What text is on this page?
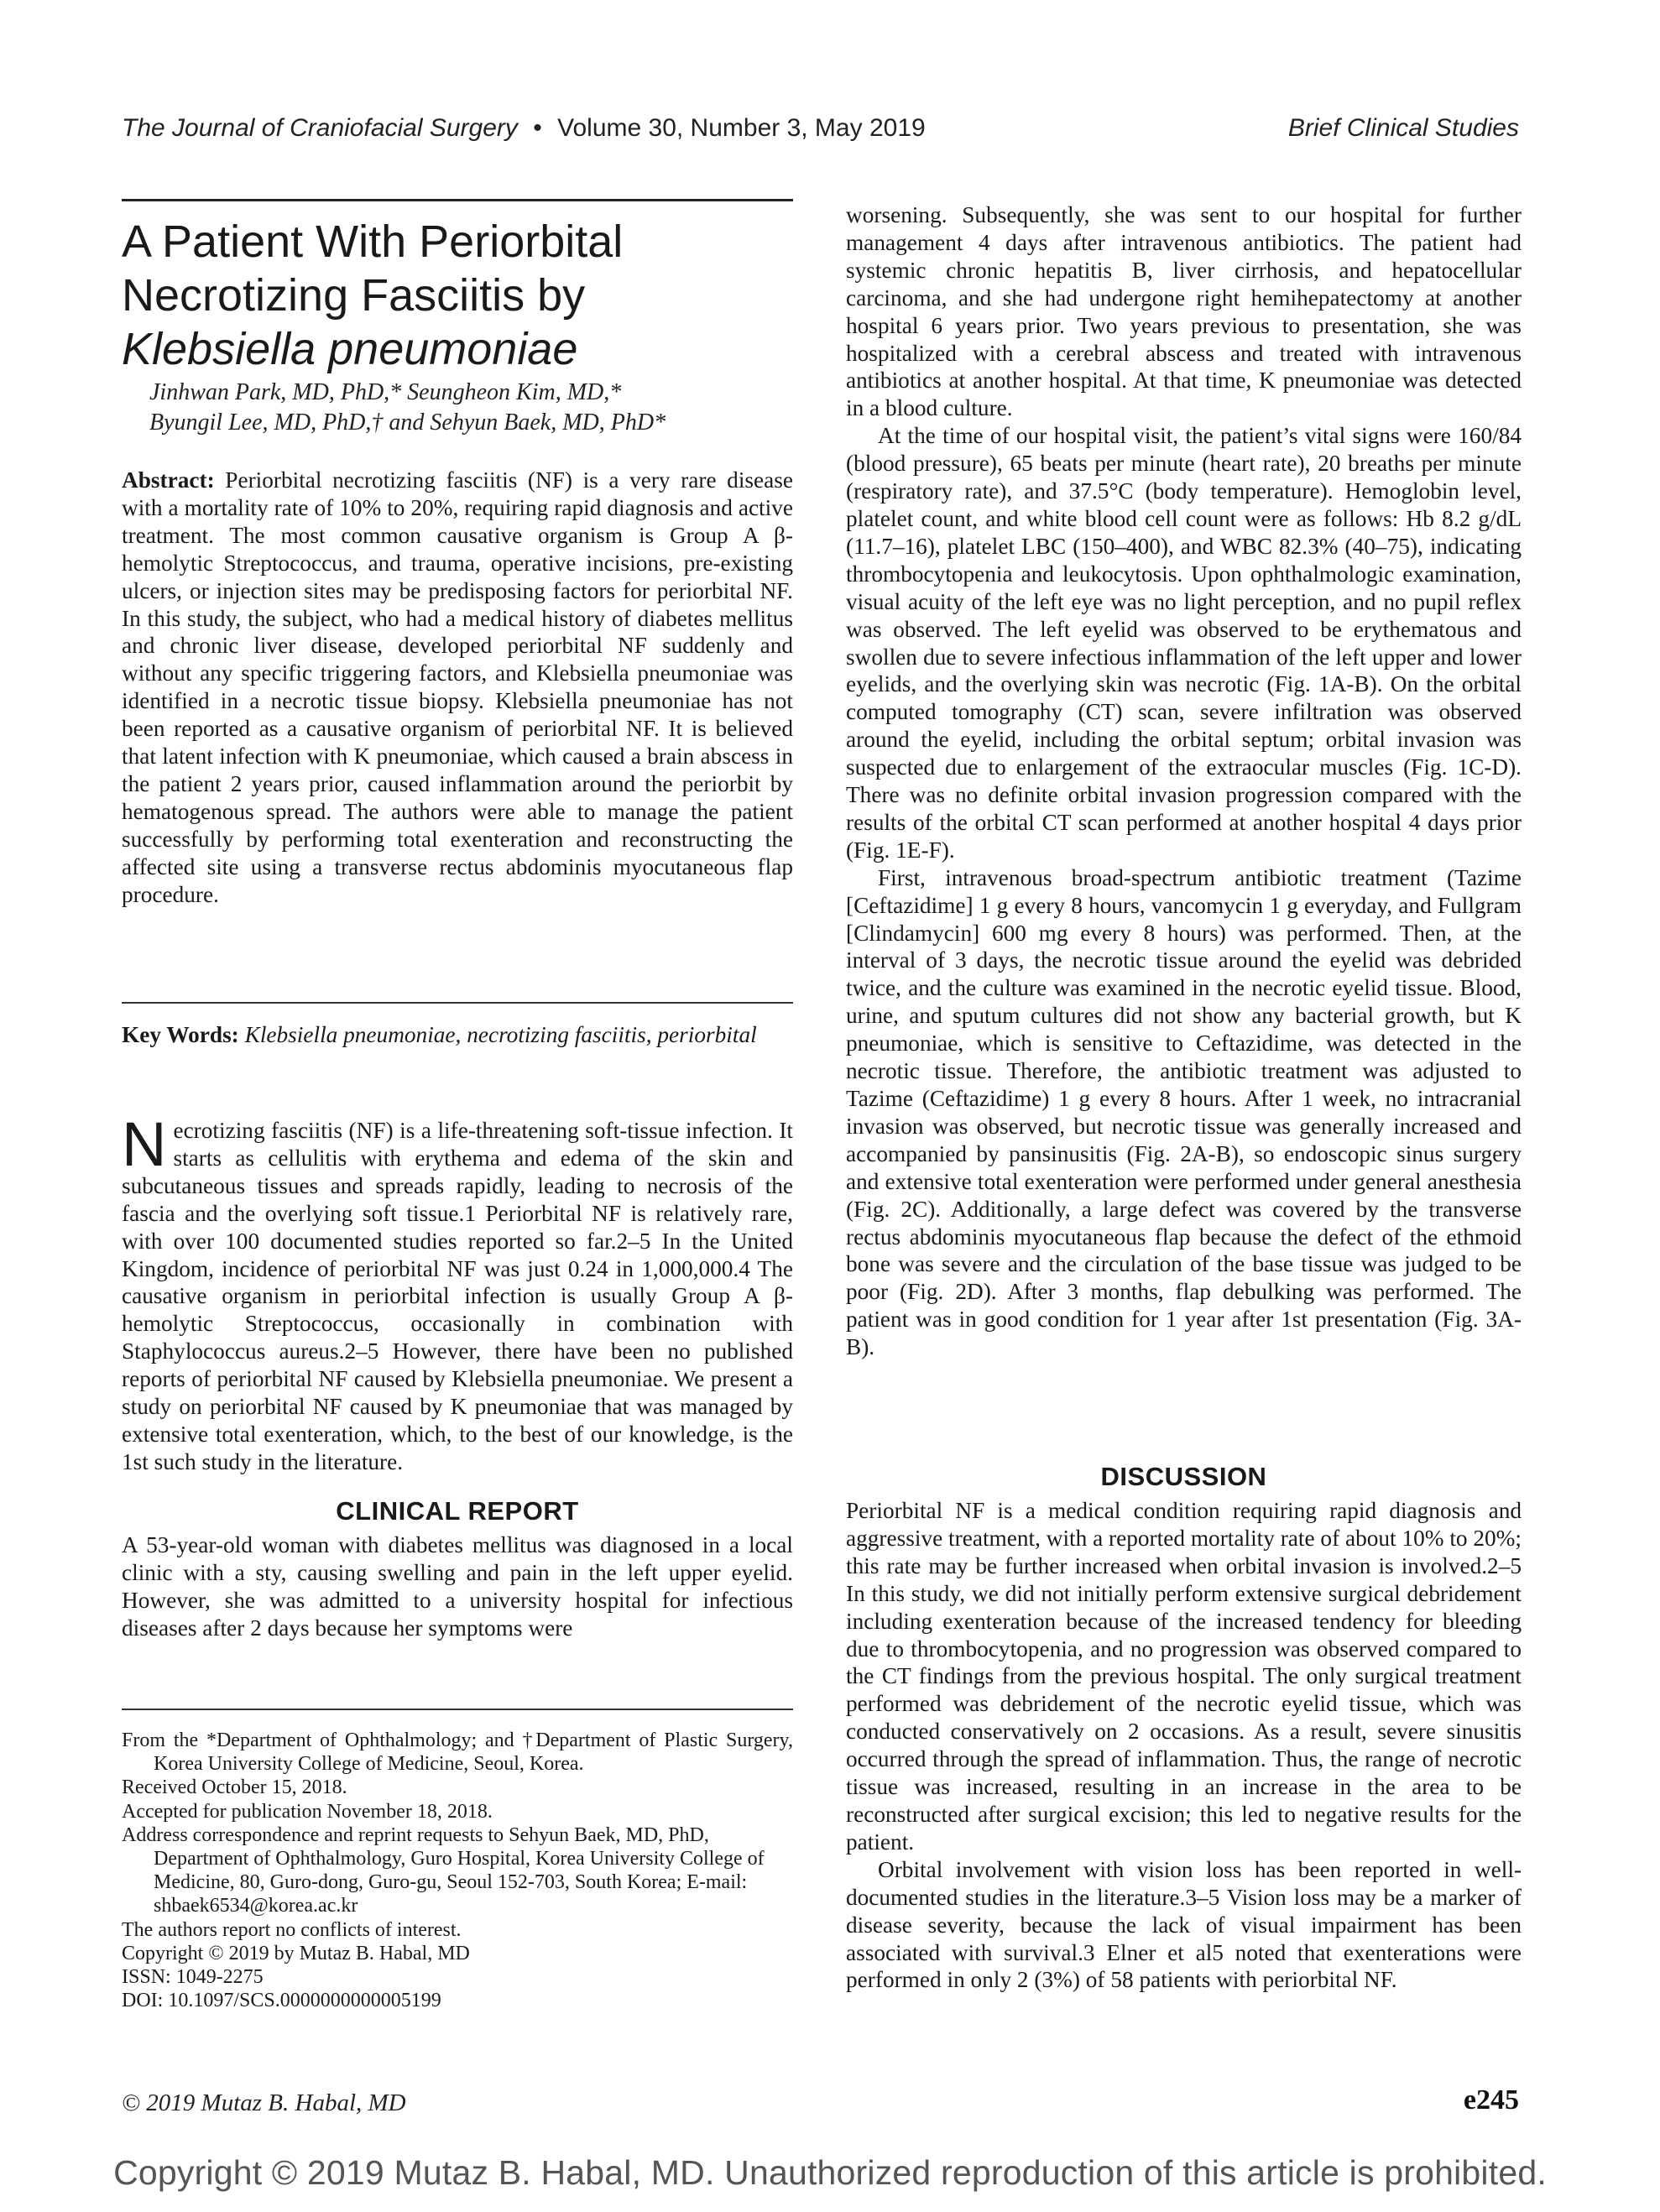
The Journal of Craniofacial Surgery • Volume 30, Number 3, May 2019	Brief Clinical Studies
A Patient With Periorbital
Necrotizing Fasciitis by
Klebsiella pneumoniae
Jinhwan Park, MD, PhD,* Seungheon Kim, MD,*
Byungil Lee, MD, PhD,† and Sehyun Baek, MD, PhD*

Abstract: Periorbital necrotizing fasciitis (NF) is a very rare disease with a mortality rate of 10% to 20%, requiring rapid diagnosis and active treatment. The most common causative organism is Group A β-hemolytic Streptococcus, and trauma, operative incisions, pre-existing ulcers, or injection sites may be predisposing factors for periorbital NF. In this study, the subject, who had a medical history of diabetes mellitus and chronic liver disease, developed periorbital NF suddenly and without any specific triggering factors, and Klebsiella pneumoniae was identified in a necrotic tissue biopsy. Klebsiella pneumoniae has not been reported as a causative organism of periorbital NF. It is believed that latent infection with K pneumoniae, which caused a brain abscess in the patient 2 years prior, caused inflammation around the periorbit by hematogenous spread. The authors were able to manage the patient successfully by performing total exenteration and reconstructing the affected site using a transverse rectus abdominis myocutaneous flap procedure.

Key Words: Klebsiella pneumoniae, necrotizing fasciitis, periorbital

Necrotizing fasciitis (NF) is a life-threatening soft-tissue infection. It starts as cellulitis with erythema and edema of the skin and subcutaneous tissues and spreads rapidly, leading to necrosis of the fascia and the overlying soft tissue.1 Periorbital NF is relatively rare, with over 100 documented studies reported so far.2–5 In the United Kingdom, incidence of periorbital NF was just 0.24 in 1,000,000.4 The causative organism in periorbital infection is usually Group A β-hemolytic Streptococcus, occasionally in combination with Staphylococcus aureus.2–5 However, there have been no published reports of periorbital NF caused by Klebsiella pneumoniae. We present a study on periorbital NF caused by K pneumoniae that was managed by extensive total exenteration, which, to the best of our knowledge, is the 1st such study in the literature.

CLINICAL REPORT

A 53-year-old woman with diabetes mellitus was diagnosed in a local clinic with a sty, causing swelling and pain in the left upper eyelid. However, she was admitted to a university hospital for infectious diseases after 2 days because her symptoms were

From the *Department of Ophthalmology; and †Department of Plastic Surgery, Korea University College of Medicine, Seoul, Korea.

Received October 15, 2018.

Accepted for publication November 18, 2018.

Address correspondence and reprint requests to Sehyun Baek, MD, PhD, Department of Ophthalmology, Guro Hospital, Korea University College of Medicine, 80, Guro-dong, Guro-gu, Seoul 152-703, South Korea; E-mail: shbaek6534@korea.ac.kr

The authors report no conflicts of interest.

Copyright © 2019 by Mutaz B. Habal, MD

ISSN: 1049-2275

DOI: 10.1097/SCS.0000000000005199

worsening. Subsequently, she was sent to our hospital for further management 4 days after intravenous antibiotics. The patient had systemic chronic hepatitis B, liver cirrhosis, and hepatocellular carcinoma, and she had undergone right hemihepatectomy at another hospital 6 years prior. Two years previous to presentation, she was hospitalized with a cerebral abscess and treated with intravenous antibiotics at another hospital. At that time, K pneumoniae was detected in a blood culture.

At the time of our hospital visit, the patient’s vital signs were 160/84 (blood pressure), 65 beats per minute (heart rate), 20 breaths per minute (respiratory rate), and 37.5°C (body temperature). Hemoglobin level, platelet count, and white blood cell count were as follows: Hb 8.2 g/dL (11.7–16), platelet LBC (150–400), and WBC 82.3% (40–75), indicating thrombocytopenia and leukocytosis. Upon ophthalmologic examination, visual acuity of the left eye was no light perception, and no pupil reflex was observed. The left eyelid was observed to be erythematous and swollen due to severe infectious inflammation of the left upper and lower eyelids, and the overlying skin was necrotic (Fig. 1A-B). On the orbital computed tomography (CT) scan, severe infiltration was observed around the eyelid, including the orbital septum; orbital invasion was suspected due to enlargement of the extraocular muscles (Fig. 1C-D). There was no definite orbital invasion progression compared with the results of the orbital CT scan performed at another hospital 4 days prior (Fig. 1E-F).

First, intravenous broad-spectrum antibiotic treatment (Tazime [Ceftazidime] 1 g every 8 hours, vancomycin 1 g everyday, and Fullgram [Clindamycin] 600 mg every 8 hours) was performed. Then, at the interval of 3 days, the necrotic tissue around the eyelid was debrided twice, and the culture was examined in the necrotic eyelid tissue. Blood, urine, and sputum cultures did not show any bacterial growth, but K pneumoniae, which is sensitive to Ceftazidime, was detected in the necrotic tissue. Therefore, the antibiotic treatment was adjusted to Tazime (Ceftazidime) 1 g every 8 hours. After 1 week, no intracranial invasion was observed, but necrotic tissue was generally increased and accompanied by pansinusitis (Fig. 2A-B), so endoscopic sinus surgery and extensive total exenteration were performed under general anesthesia (Fig. 2C). Additionally, a large defect was covered by the transverse rectus abdominis myocutaneous flap because the defect of the ethmoid bone was severe and the circulation of the base tissue was judged to be poor (Fig. 2D). After 3 months, flap debulking was performed. The patient was in good condition for 1 year after 1st presentation (Fig. 3A-B).

DISCUSSION

Periorbital NF is a medical condition requiring rapid diagnosis and aggressive treatment, with a reported mortality rate of about 10% to 20%; this rate may be further increased when orbital invasion is involved.2–5 In this study, we did not initially perform extensive surgical debridement including exenteration because of the increased tendency for bleeding due to thrombocytopenia, and no progression was observed compared to the CT findings from the previous hospital. The only surgical treatment performed was debridement of the necrotic eyelid tissue, which was conducted conservatively on 2 occasions. As a result, severe sinusitis occurred through the spread of inflammation. Thus, the range of necrotic tissue was increased, resulting in an increase in the area to be reconstructed after surgical excision; this led to negative results for the patient.

Orbital involvement with vision loss has been reported in well-documented studies in the literature.3–5 Vision loss may be a marker of disease severity, because the lack of visual impairment has been associated with survival.3 Elner et al5 noted that exenterations were performed in only 2 (3%) of 58 patients with periorbital NF.

© 2019 Mutaz B. Habal, MD	e245
Copyright © 2019 Mutaz B. Habal, MD. Unauthorized reproduction of this article is prohibited.
